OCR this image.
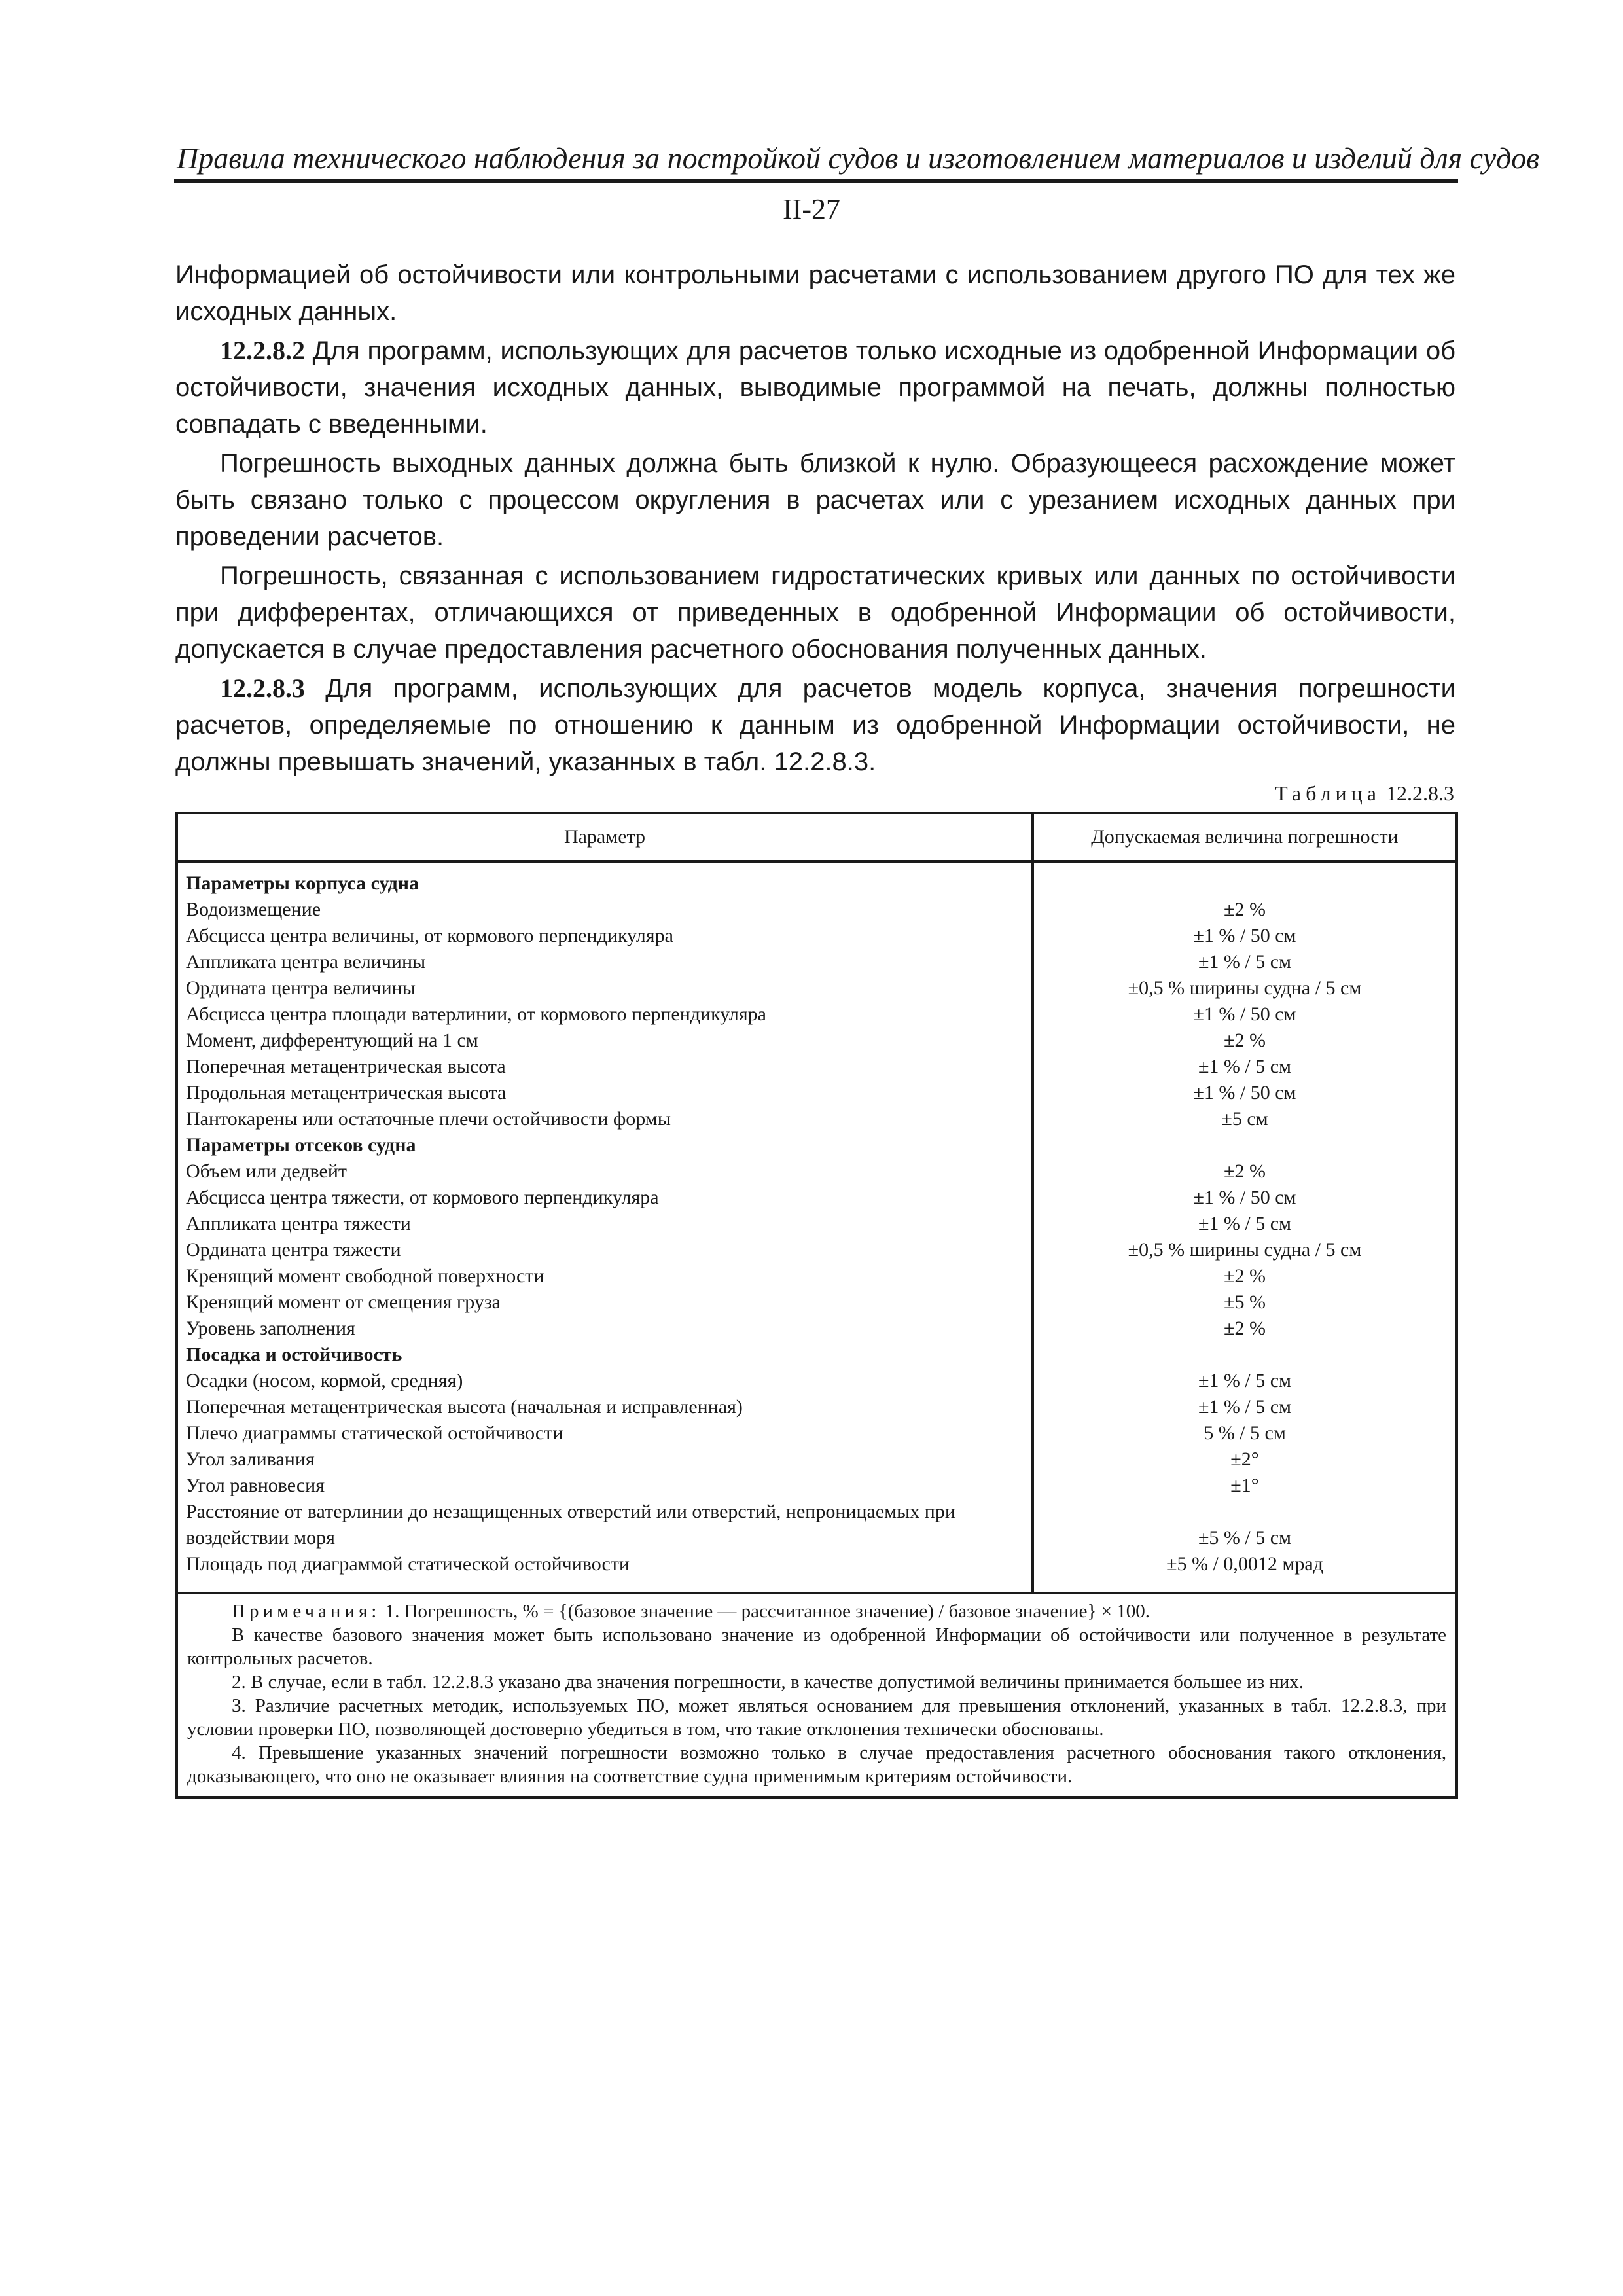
Правила технического наблюдения за постройкой судов и изготовлением материалов и изделий для судов
II-27

Информацией об остойчивости или контрольными расчетами с использованием другого ПО для тех же исходных данных.

12.2.8.2 Для программ, использующих для расчетов только исходные из одобренной Информации об остойчивости, значения исходных данных, выводимые программой на печать, должны полностью совпадать с введенными.

Погрешность выходных данных должна быть близкой к нулю. Образующееся расхождение может быть связано только с процессом округления в расчетах или с урезанием исходных данных при проведении расчетов.

Погрешность, связанная с использованием гидростатических кривых или данных по остойчивости при дифферентах, отличающихся от приведенных в одобренной Информации об остойчивости, допускается в случае предоставления расчетного обоснования полученных данных.

12.2.8.3 Для программ, использующих для расчетов модель корпуса, значения погрешности расчетов, определяемые по отношению к данным из одобренной Информации остойчивости, не должны превышать значений, указанных в табл. 12.2.8.3.

Таблица 12.2.8.3
Параметр	Допускаемая величина погрешности
Параметры корпуса судна	
Водоизмещение	±2 %
Абсцисса центра величины, от кормового перпендикуляра	±1 % / 50 см
Аппликата центра величины	±1 % / 5 см
Ордината центра величины	±0,5 % ширины судна / 5 см
Абсцисса центра площади ватерлинии, от кормового перпендикуляра	±1 % / 50 см
Момент, дифферентующий на 1 см	±2 %
Поперечная метацентрическая высота	±1 % / 5 см
Продольная метацентрическая высота	±1 % / 50 см
Пантокарены или остаточные плечи остойчивости формы	±5 см
Параметры отсеков судна	
Объем или дедвейт	±2 %
Абсцисса центра тяжести, от кормового перпендикуляра	±1 % / 50 см
Аппликата центра тяжести	±1 % / 5 см
Ордината центра тяжести	±0,5 % ширины судна / 5 см
Кренящий момент свободной поверхности	±2 %
Кренящий момент от смещения груза	±5 %
Уровень заполнения	±2 %
Посадка и остойчивость	
Осадки (носом, кормой, средняя)	±1 % / 5 см
Поперечная метацентрическая высота (начальная и исправленная)	±1 % / 5 см
Плечо диаграммы статической остойчивости	5 % / 5 см
Угол заливания	±2°
Угол равновесия	±1°
Расстояние от ватерлинии до незащищенных отверстий или отверстий, непроницаемых при воздействии моря	±5 % / 5 см
Площадь под диаграммой статической остойчивости	±5 % / 0,0012 мрад

Примечания: 1. Погрешность, % = {(базовое значение — рассчитанное значение) / базовое значение} × 100.

В качестве базового значения может быть использовано значение из одобренной Информации об остойчивости или полученное в результате контрольных расчетов.

2. В случае, если в табл. 12.2.8.3 указано два значения погрешности, в качестве допустимой величины принимается большее из них.

3. Различие расчетных методик, используемых ПО, может являться основанием для превышения отклонений, указанных в табл. 12.2.8.3, при условии проверки ПО, позволяющей достоверно убедиться в том, что такие отклонения технически обоснованы.

4. Превышение указанных значений погрешности возможно только в случае предоставления расчетного обоснования такого отклонения, доказывающего, что оно не оказывает влияния на соответствие судна применимым критериям остойчивости.	
